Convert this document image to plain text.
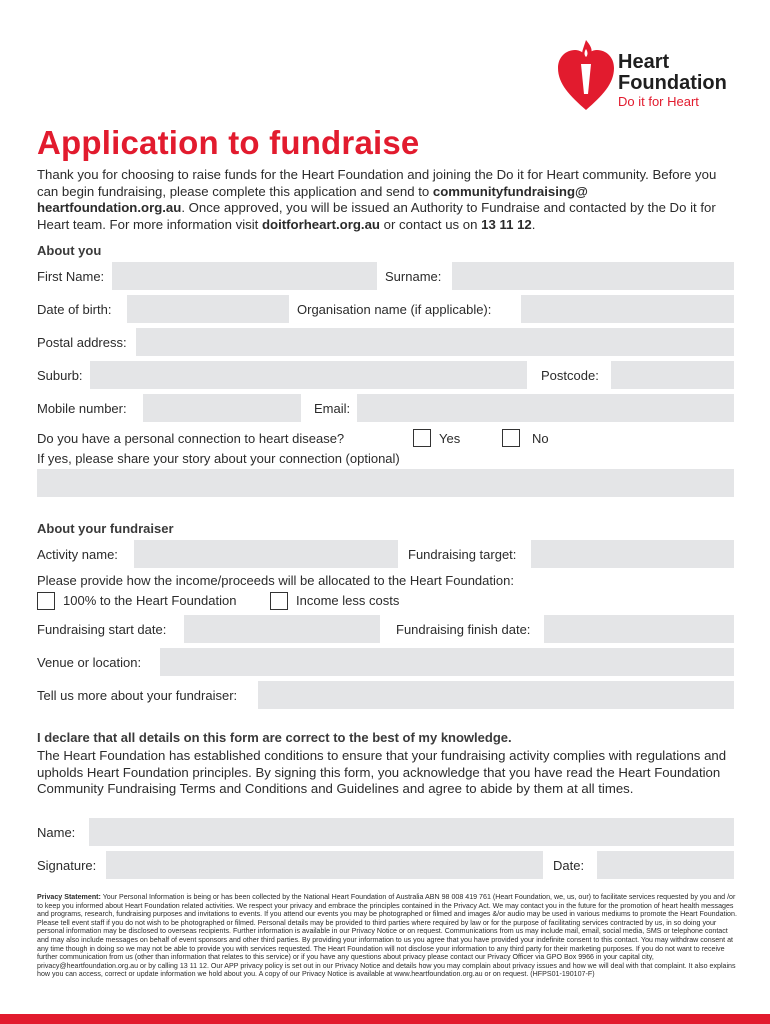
Heart
Foundation
Do it for Heart
Application to fundraise
Thank you for choosing to raise funds for the Heart Foundation and joining the Do it for Heart community. Before you can begin fundraising, please complete this application and send to communityfundraising@ heartfoundation.org.au. Once approved, you will be issued an Authority to Fundraise and contacted by the Do it for Heart team. For more information visit doitforheart.org.au or contact us on 13 11 12.
About you
First Name:	Surname:
Date of birth:	Organisation name (if applicable):
Postal address:
Suburb:	Postcode:
Mobile number:	Email:
Do you have a personal connection to heart disease?	Yes	No
If yes, please share your story about your connection (optional)
About your fundraiser
Activity name:	Fundraising target:
Please provide how the income/proceeds will be allocated to the Heart Foundation:
100% to the Heart Foundation	Income less costs
Fundraising start date:	Fundraising finish date:
Venue or location:
Tell us more about your fundraiser:
I declare that all details on this form are correct to the best of my knowledge.
The Heart Foundation has established conditions to ensure that your fundraising activity complies with regulations and upholds Heart Foundation principles. By signing this form, you acknowledge that you have read the Heart Foundation Community Fundraising Terms and Conditions and Guidelines and agree to abide by them at all times.
Name:
Signature:	Date:
Privacy Statement: Your Personal Information is being or has been collected by the National Heart Foundation of Australia ABN 98 008 419 761 (Heart Foundation, we, us, our) to facilitate services requested by you and /or to keep you informed about Heart Foundation related activities. We respect your privacy and embrace the principles contained in the Privacy Act. We may contact you in the future for the promotion of heart health messages and programs, research, fundraising purposes and invitations to events. If you attend our events you may be photographed or filmed and images &/or audio may be used in various mediums to promote the Heart Foundation. Please tell event staff if you do not wish to be photographed or filmed. Personal details may be provided to third parties where required by law or for the purpose of facilitating services contracted by us, in so doing your personal information may be disclosed to overseas recipients. Further information is available in our Privacy Notice or on request. Communications from us may include mail, email, social media, SMS or telephone contact and may also include messages on behalf of event sponsors and other third parties. By providing your information to us you agree that you have provided your indefinite consent to this contact. You may withdraw consent at any time though in doing so we may not be able to provide you with services requested. The Heart Foundation will not disclose your information to any third party for their marketing purposes. If you do not want to receive further communication from us (other than information that relates to this service) or if you have any questions about privacy please contact our Privacy Officer via GPO Box 9966 in your capital city, privacy@heartfoundation.org.au or by calling 13 11 12. Our APP privacy policy is set out in our Privacy Notice and details how you may complain about privacy issues and how we will deal with that complaint. It also explains how you can access, correct or update information we hold about you. A copy of our Privacy Notice is available at www.heartfoundation.org.au or on request. (HFPS01-190107-F)
